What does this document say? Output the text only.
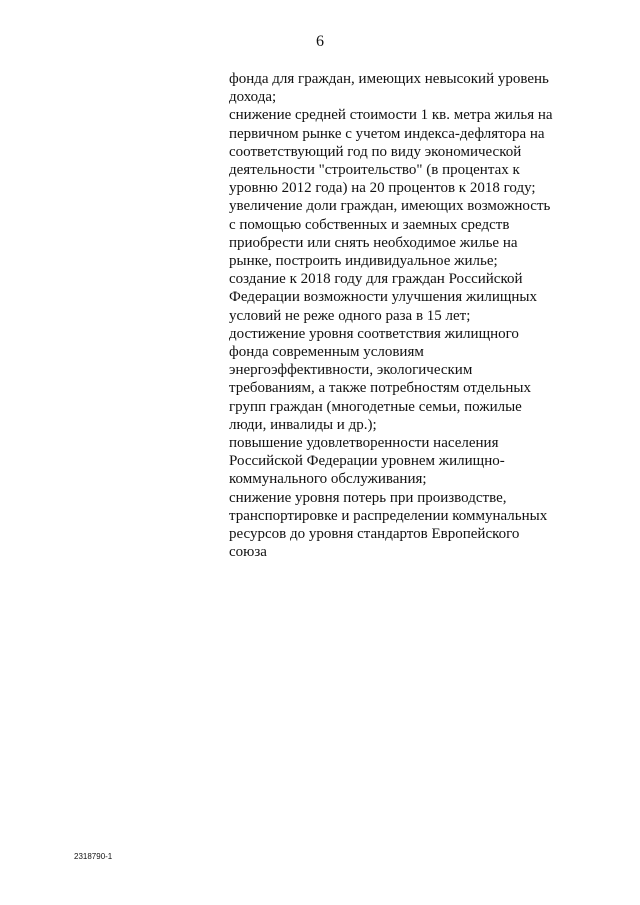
6
фонда для граждан, имеющих невысокий уровень
дохода;
снижение средней стоимости 1 кв. метра жилья на
первичном рынке с учетом индекса-дефлятора на
соответствующий год по виду экономической
деятельности "строительство" (в процентах к
уровню 2012 года) на 20 процентов к 2018 году;
увеличение доли граждан, имеющих возможность
с помощью собственных и заемных средств
приобрести или снять необходимое жилье на
рынке, построить индивидуальное жилье;
создание к 2018 году для граждан Российской
Федерации возможности улучшения жилищных
условий не реже одного раза в 15 лет;
достижение уровня соответствия жилищного
фонда современным условиям
энергоэффективности, экологическим
требованиям, а также потребностям отдельных
групп граждан (многодетные семьи, пожилые
люди, инвалиды и др.);
повышение удовлетворенности населения
Российской Федерации уровнем жилищно-
коммунального обслуживания;
снижение уровня потерь при производстве,
транспортировке и распределении коммунальных
ресурсов до уровня стандартов Европейского
союза
2318790-1
